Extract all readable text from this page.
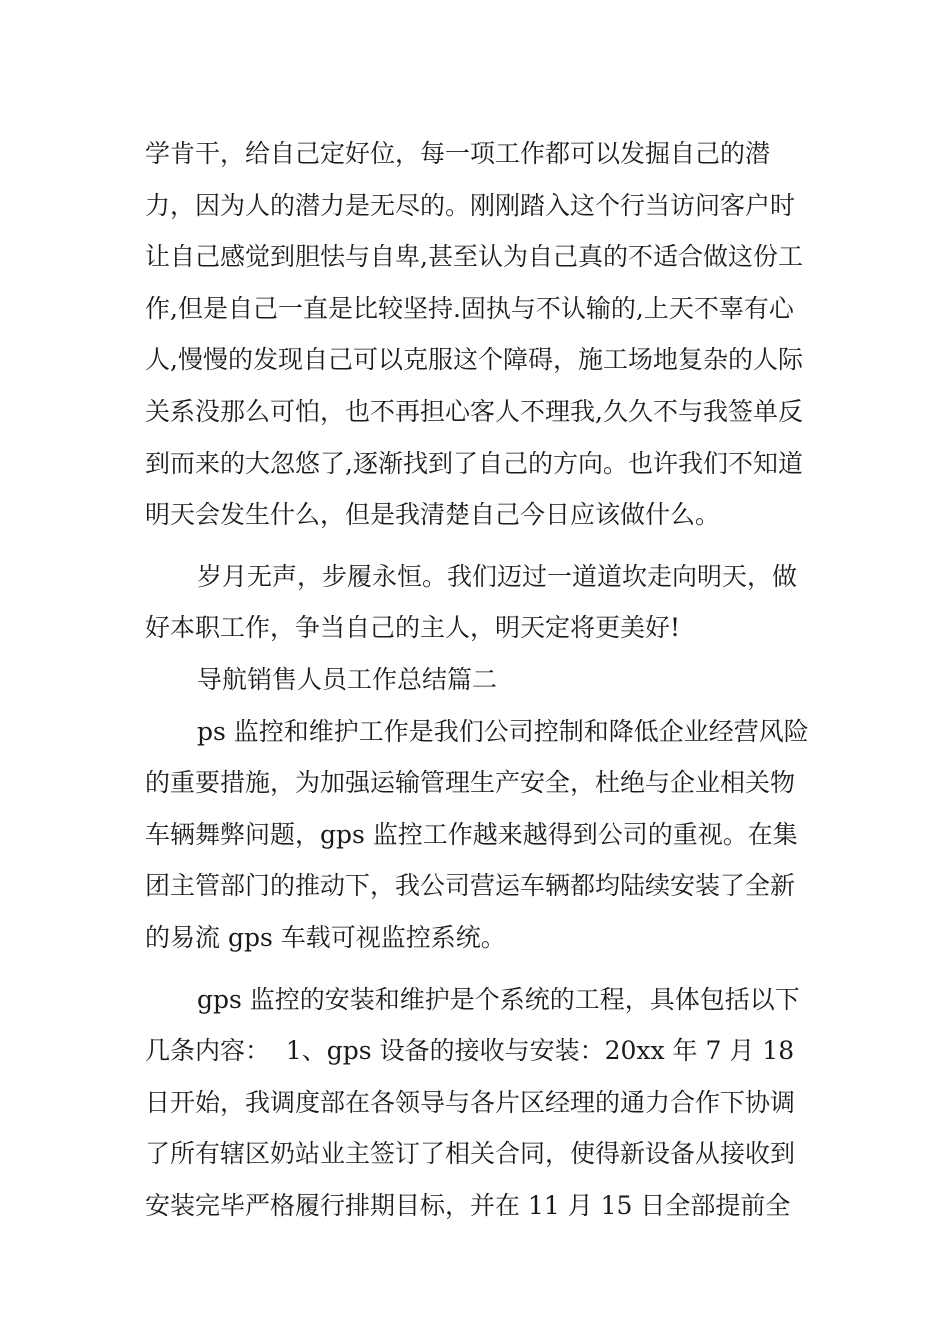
学肯干，给自己定好位，每一项工作都可以发掘自己的潜力，因为人的潜力是无尽的。刚刚踏入这个行当访问客户时让自己感觉到胆怯与自卑,甚至认为自己真的不适合做这份工作,但是自己一直是比较坚持.固执与不认输的,上天不辜有心人,慢慢的发现自己可以克服这个障碍，施工场地复杂的人际关系没那么可怕，也不再担心客人不理我,久久不与我签单反到而来的大忽悠了,逐渐找到了自己的方向。也许我们不知道明天会发生什么，但是我清楚自己今日应该做什么。

岁月无声，步履永恒。我们迈过一道道坎走向明天，做好本职工作，争当自己的主人，明天定将更美好!

导航销售人员工作总结篇二

ps 监控和维护工作是我们公司控制和降低企业经营风险的重要措施，为加强运输管理生产安全，杜绝与企业相关物车辆舞弊问题，gps 监控工作越来越得到公司的重视。在集团主管部门的推动下，我公司营运车辆都均陆续安装了全新的易流 gps 车载可视监控系统。

gps 监控的安装和维护是个系统的工程，具体包括以下几条内容：  1、gps 设备的接收与安装：20xx 年 7 月 18 日开始，我调度部在各领导与各片区经理的通力合作下协调了所有辖区奶站业主签订了相关合同，使得新设备从接收到安装完毕严格履行排期目标，并在 11 月 15 日全部提前全
